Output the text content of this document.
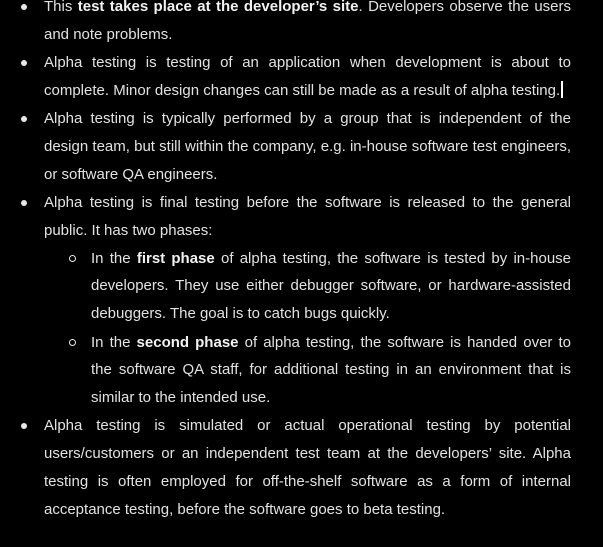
This test takes place at the developer’s site. Developers observe the users and note problems.
Alpha testing is testing of an application when development is about to complete. Minor design changes can still be made as a result of alpha testing.
Alpha testing is typically performed by a group that is independent of the design team, but still within the company, e.g. in-house software test engineers, or software QA engineers.
Alpha testing is final testing before the software is released to the general public. It has two phases:
In the first phase of alpha testing, the software is tested by in-house developers. They use either debugger software, or hardware-assisted debuggers. The goal is to catch bugs quickly.
In the second phase of alpha testing, the software is handed over to the software QA staff, for additional testing in an environment that is similar to the intended use.
Alpha testing is simulated or actual operational testing by potential users/customers or an independent test team at the developers’ site. Alpha testing is often employed for off-the-shelf software as a form of internal acceptance testing, before the software goes to beta testing.
